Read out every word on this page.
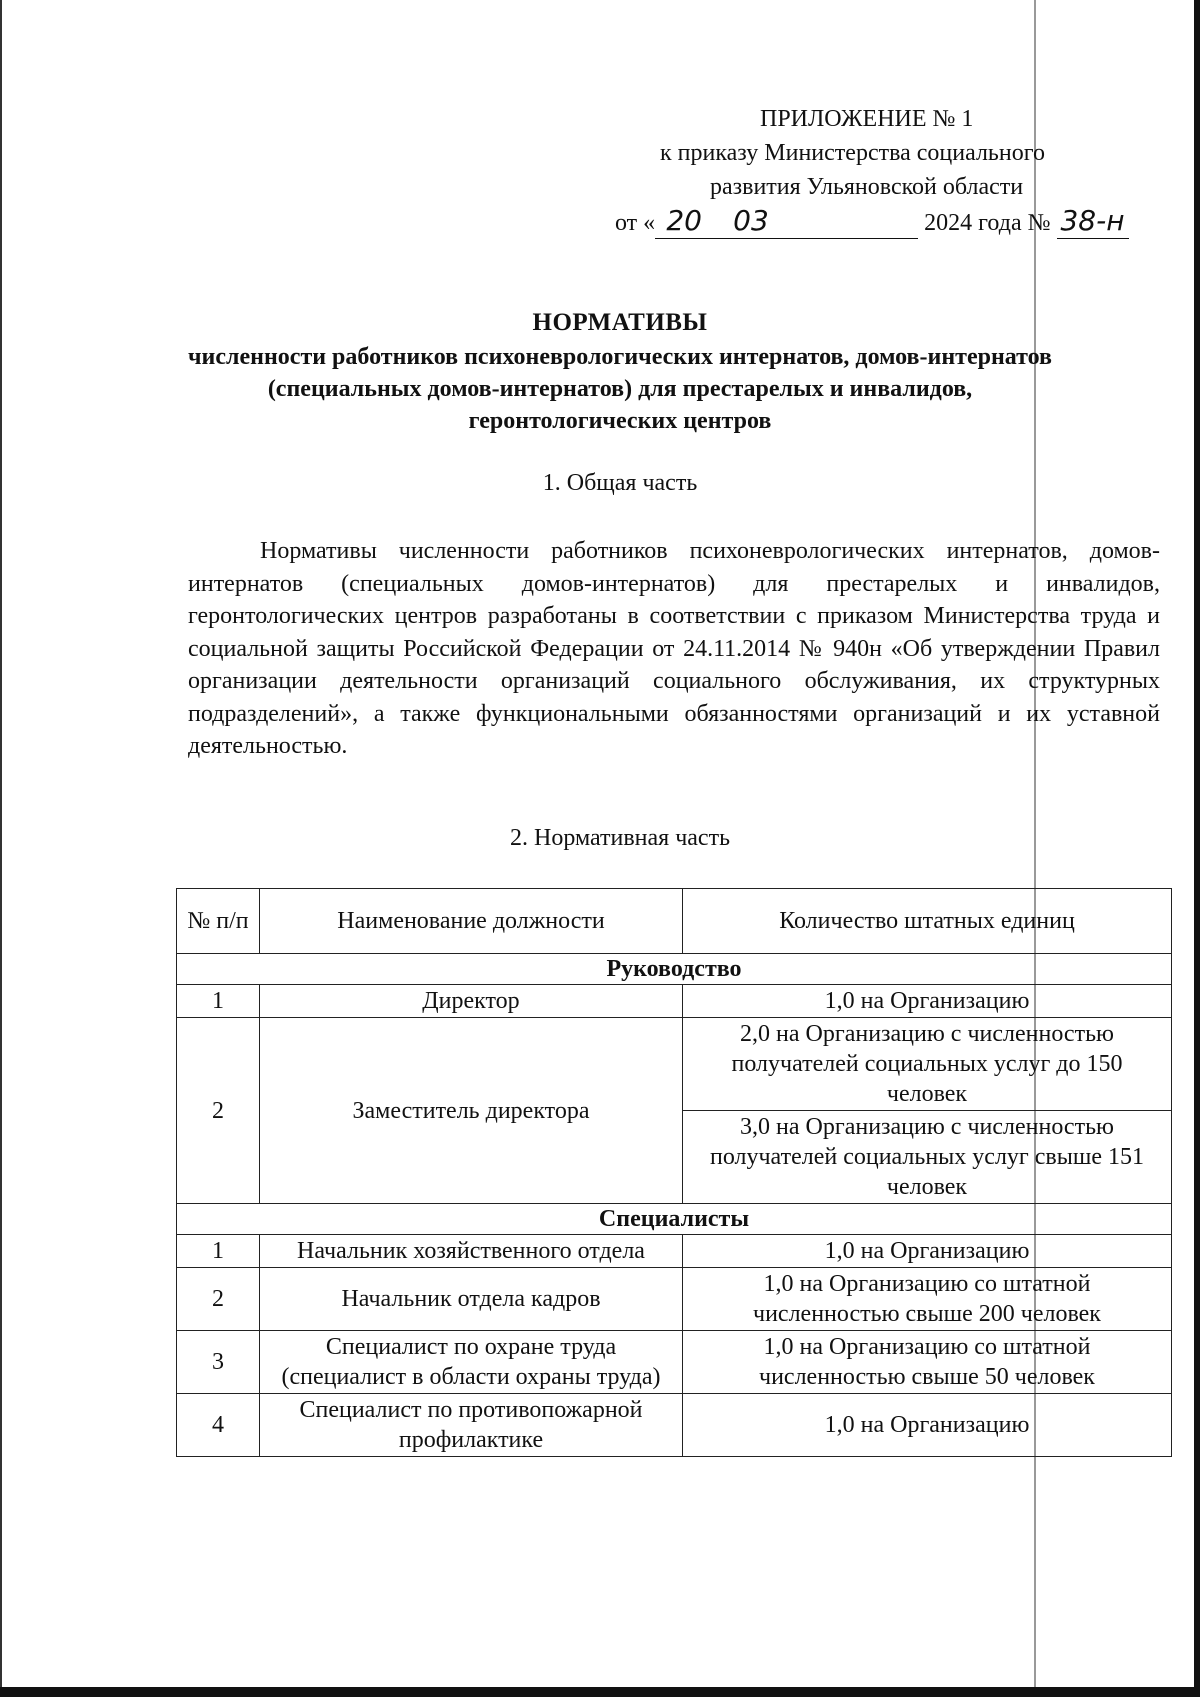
ПРИЛОЖЕНИЕ № 1
к приказу Министерства социального
развития Ульяновской области
от « 20 03	2024 года № 38-н
НОРМАТИВЫ
численности работников психоневрологических интернатов, домов-интернатов (специальных домов-интернатов) для престарелых и инвалидов, геронтологических центров
1. Общая часть
Нормативы численности работников психоневрологических интернатов, домов-интернатов (специальных домов-интернатов) для престарелых и инвалидов, геронтологических центров разработаны в соответствии с приказом Министерства труда и социальной защиты Российской Федерации от 24.11.2014 № 940н «Об утверждении Правил организации деятельности организаций социального обслуживания, их структурных подразделений», а также функциональными обязанностями организаций и их уставной деятельностью.
2. Нормативная часть
№ п/п	Наименование должности	Количество штатных единиц
Руководство		
1	Директор	1,0 на Организацию
2	Заместитель директора	2,0 на Организацию с численностью получателей социальных услуг до 150 человек
		3,0 на Организацию с численностью получателей социальных услуг свыше 151 человек
Специалисты		
1	Начальник хозяйственного отдела	1,0 на Организацию
2	Начальник отдела кадров	1,0 на Организацию со штатной численностью свыше 200 человек
3	Специалист по охране труда (специалист в области охраны труда)	1,0 на Организацию со штатной численностью свыше 50 человек
4	Специалист по противопожарной профилактике	1,0 на Организацию
